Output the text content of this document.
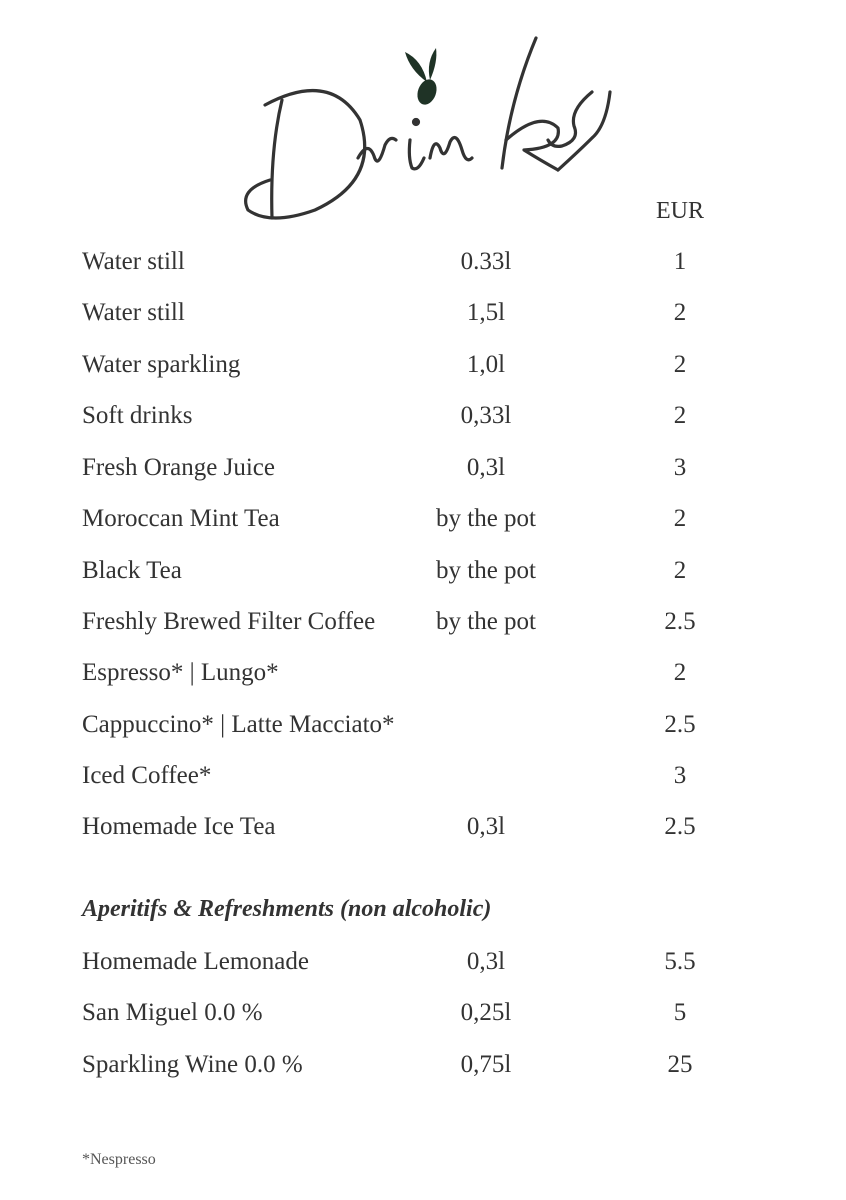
EUR
Water still	0.33l	1
Water still	1,5l	2
Water sparkling	1,0l	2
Soft drinks	0,33l	2
Fresh Orange Juice	0,3l	3
Moroccan Mint Tea	by the pot	2
Black Tea	by the pot	2
Freshly Brewed Filter Coffee	by the pot	2.5
Espresso* | Lungo*	2
Cappuccino* | Latte Macciato*	2.5
Iced Coffee*	3
Homemade Ice Tea	0,3l	2.5
Aperitifs & Refreshments (non alcoholic)
Homemade Lemonade	0,3l	5.5
San Miguel 0.0 %	0,25l	5
Sparkling Wine 0.0 %	0,75l	25
*Nespresso
